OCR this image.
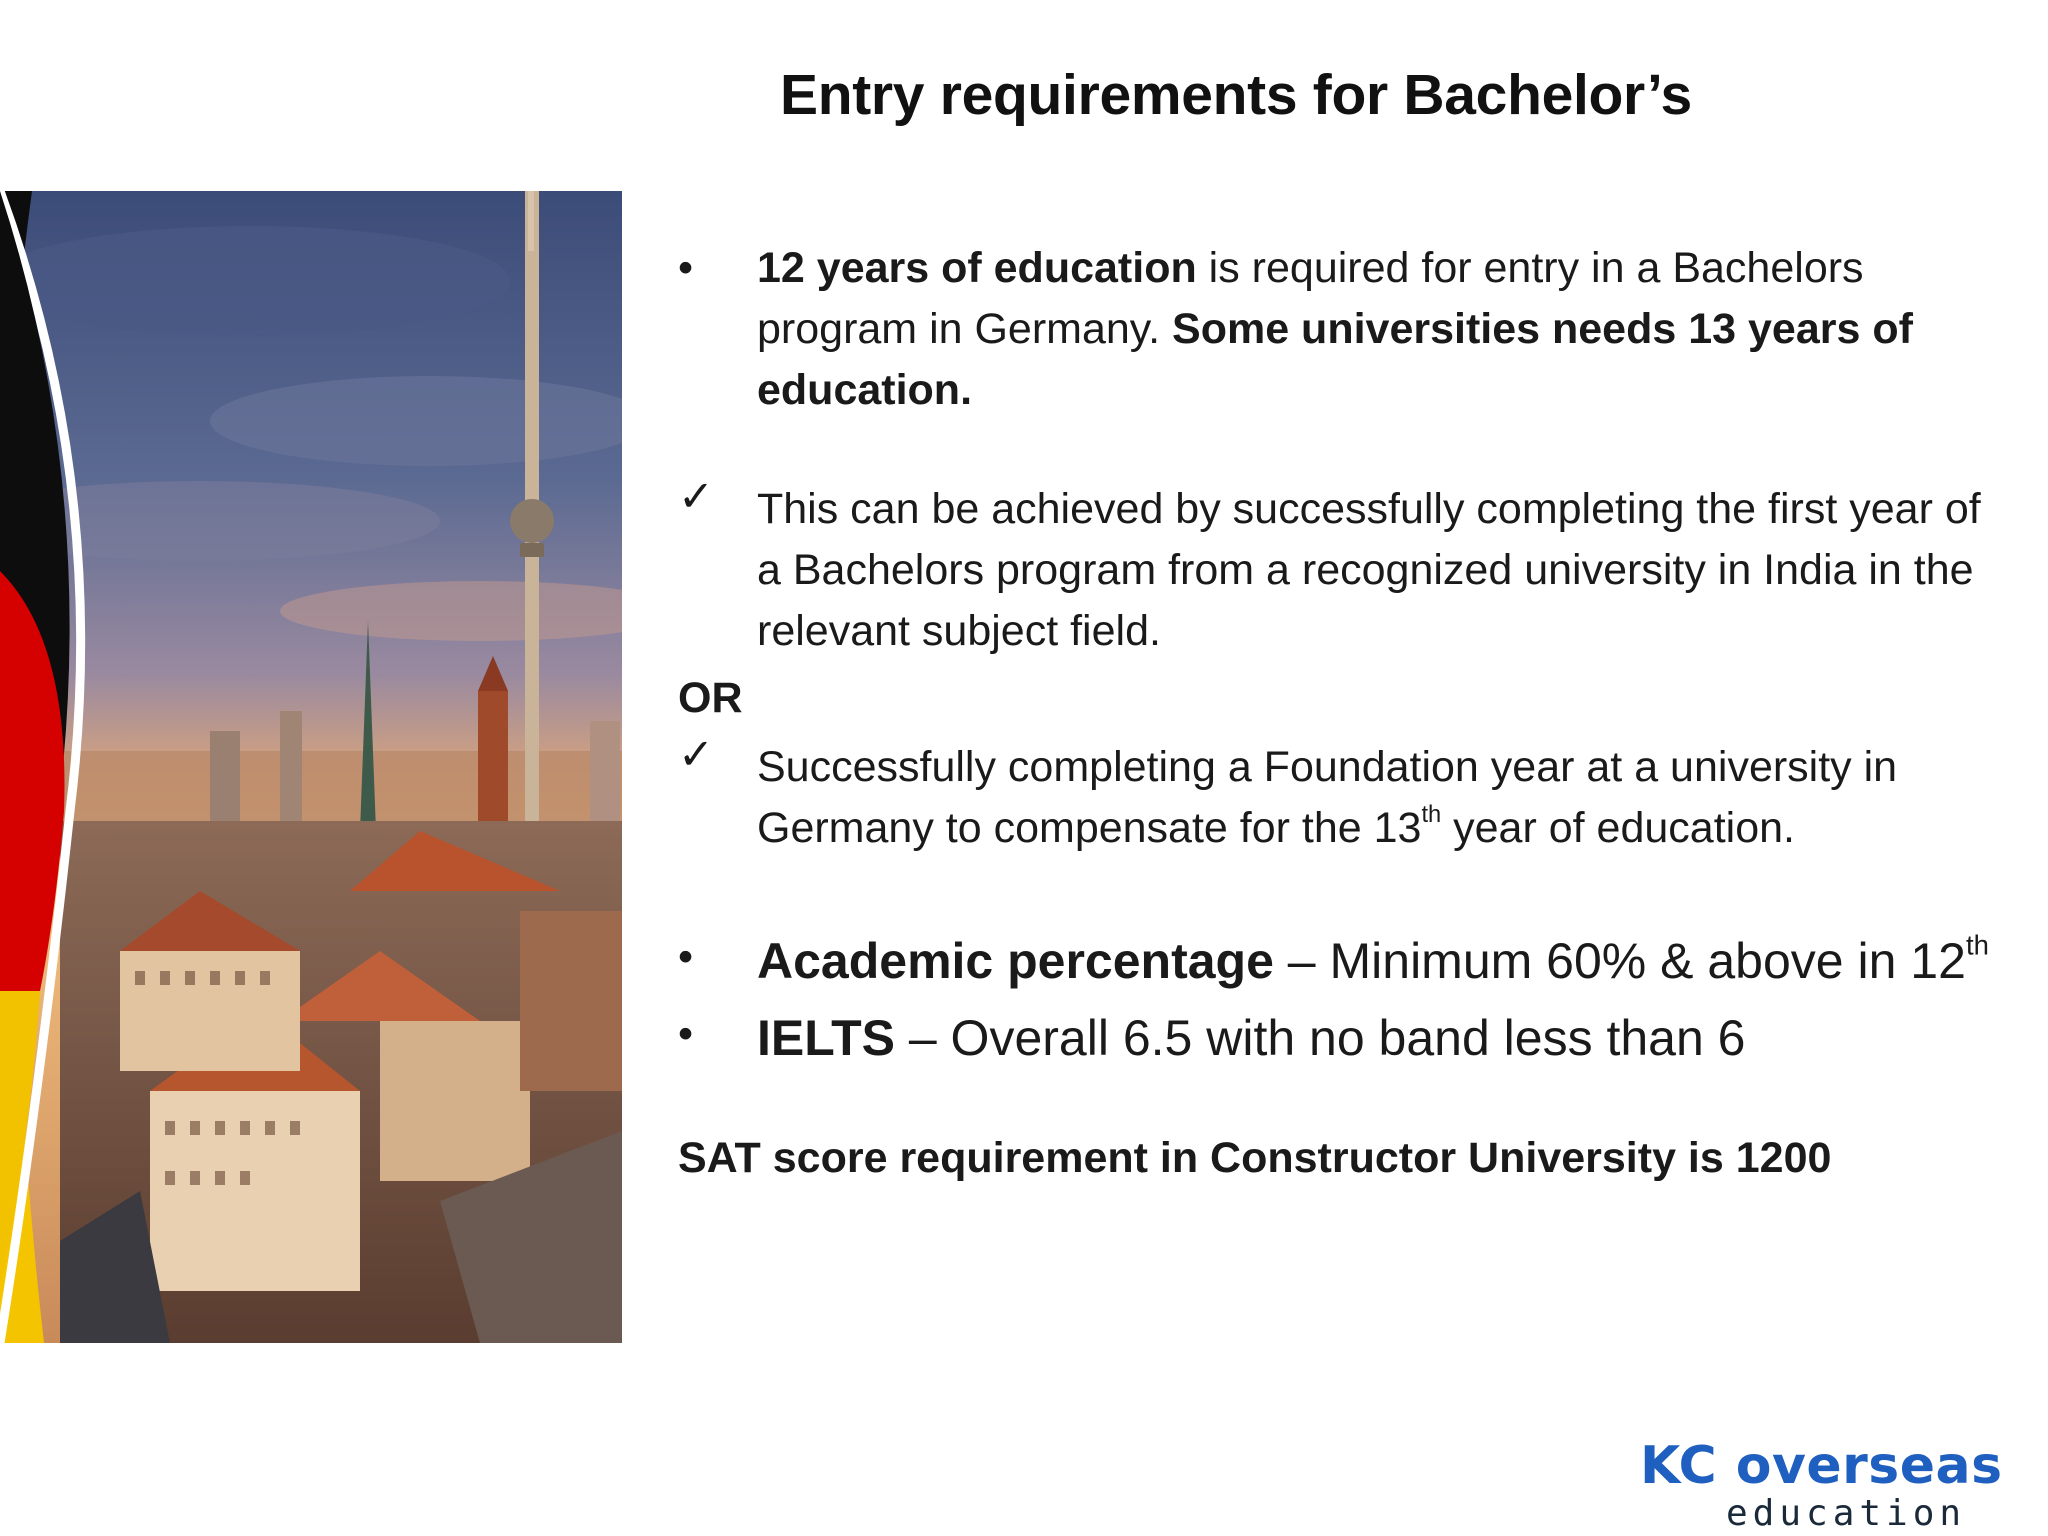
Entry requirements for Bachelor’s
• 12 years of education is required for entry in a Bachelors program in Germany. Some universities needs 13 years of education.
✓ This can be achieved by successfully completing the first year of a Bachelors program from a recognized university in India in the relevant subject field.
OR
✓ Successfully completing a Foundation year at a university in Germany to compensate for the 13th year of education.
• Academic percentage – Minimum 60% & above in 12th
• IELTS – Overall 6.5 with no band less than 6
SAT score requirement in Constructor University is 1200
KC overseas
education
